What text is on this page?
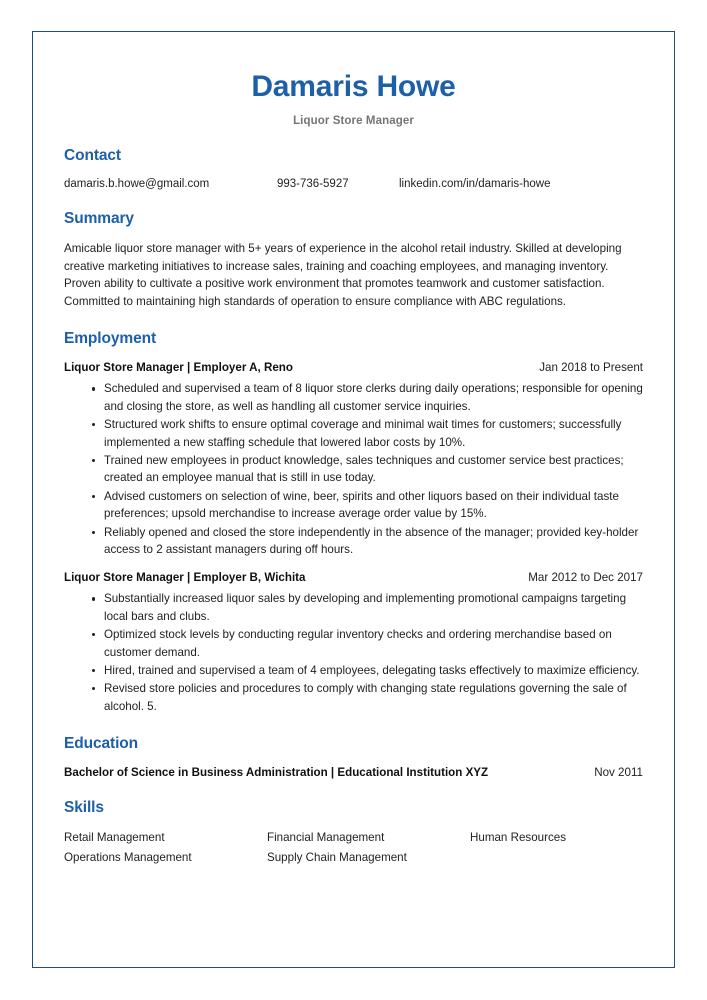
Damaris Howe
Liquor Store Manager
Contact
damaris.b.howe@gmail.com	993-736-5927	linkedin.com/in/damaris-howe
Summary
Amicable liquor store manager with 5+ years of experience in the alcohol retail industry. Skilled at developing creative marketing initiatives to increase sales, training and coaching employees, and managing inventory. Proven ability to cultivate a positive work environment that promotes teamwork and customer satisfaction. Committed to maintaining high standards of operation to ensure compliance with ABC regulations.
Employment
Liquor Store Manager | Employer A, Reno	Jan 2018 to Present
Scheduled and supervised a team of 8 liquor store clerks during daily operations; responsible for opening and closing the store, as well as handling all customer service inquiries.
Structured work shifts to ensure optimal coverage and minimal wait times for customers; successfully implemented a new staffing schedule that lowered labor costs by 10%.
Trained new employees in product knowledge, sales techniques and customer service best practices; created an employee manual that is still in use today.
Advised customers on selection of wine, beer, spirits and other liquors based on their individual taste preferences; upsold merchandise to increase average order value by 15%.
Reliably opened and closed the store independently in the absence of the manager; provided key-holder access to 2 assistant managers during off hours.
Liquor Store Manager | Employer B, Wichita	Mar 2012 to Dec 2017
Substantially increased liquor sales by developing and implementing promotional campaigns targeting local bars and clubs.
Optimized stock levels by conducting regular inventory checks and ordering merchandise based on customer demand.
Hired, trained and supervised a team of 4 employees, delegating tasks effectively to maximize efficiency.
Revised store policies and procedures to comply with changing state regulations governing the sale of alcohol. 5.
Education
Bachelor of Science in Business Administration | Educational Institution XYZ	Nov 2011
Skills
Retail Management	Financial Management	Human Resources
Operations Management	Supply Chain Management
